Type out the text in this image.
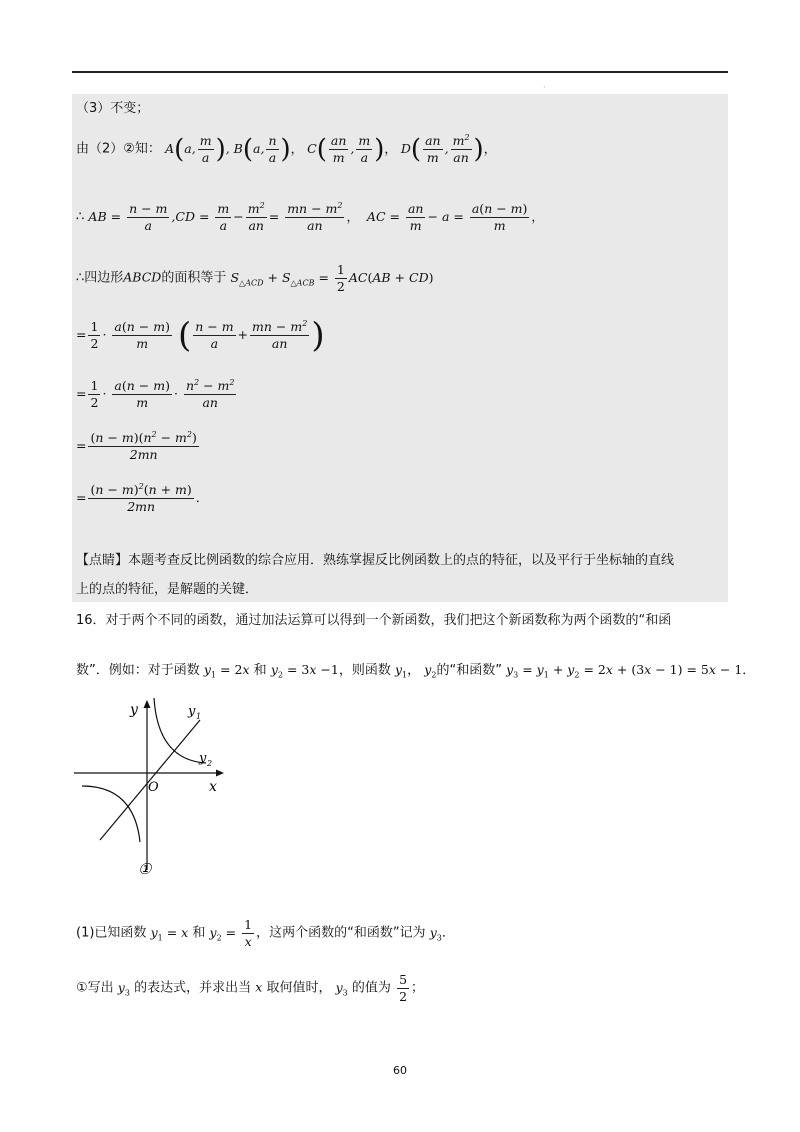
·
（3）不变；
由（2）②知： A(a, $\frac{m}{a}$ ), B(a, $\frac{n}{a}$ )， $C( \frac{an}{m}$ , $\frac{m}{a}$ )， $D( \frac{an}{m}$ , $\frac{m^2}{an}$ )，
∴ AB = $\frac{n - m}{a} ,CD = \frac{m}{a} - \frac{m^2}{an} = \frac{mn - m^2}{an}$ ，  AC = $\frac{an}{m} - a = \frac{a(n - m)}{m}$ ，
∴四边形ABCD的面积等于 $S_{\triangle ACD} + S_{\triangle ACB} = \frac{1}{2} AC(AB + CD)$
= $\frac{1}{2} \cdot \frac{a(n - m)}{m}$ ( $\frac{n - m}{a} + \frac{mn - m^2}{an}$ )
= $\frac{1}{2} \cdot \frac{a(n - m)}{m} \cdot \frac{n^2 - m^2}{an}$
= $\frac{(n - m)(n^2 - m^2)}{2mn}$
= $\frac{(n - m)^2(n + m)}{2mn}$ ．
【点睛】本题考查反比例函数的综合应用．熟练掌握反比例函数上的点的特征，以及平行于坐标轴的直线
上的点的特征，是解题的关键．
16．对于两个不同的函数，通过加法运算可以得到一个新函数，我们把这个新函数称为两个函数的“和函
数”．例如：对于函数 $y_1 = 2x$ 和 $y_2 = 3x -1$，则函数 $y_1$， $y_2$的“和函数” $y_3 = y_1 + y_2 = 2x + (3x - 1) = 5x - 1$．
y
x
O
y 1
y 2
①
(1)已知函数 $y_1 = x$ 和 $y_2 = \frac{1}{x}$ ，这两个函数的“和函数”记为 $y_3$．
①写出 $y_3$ 的表达式，并求出当 x 取何值时， $y_3$ 的值为 $\frac{5}{2}$ ；
60
